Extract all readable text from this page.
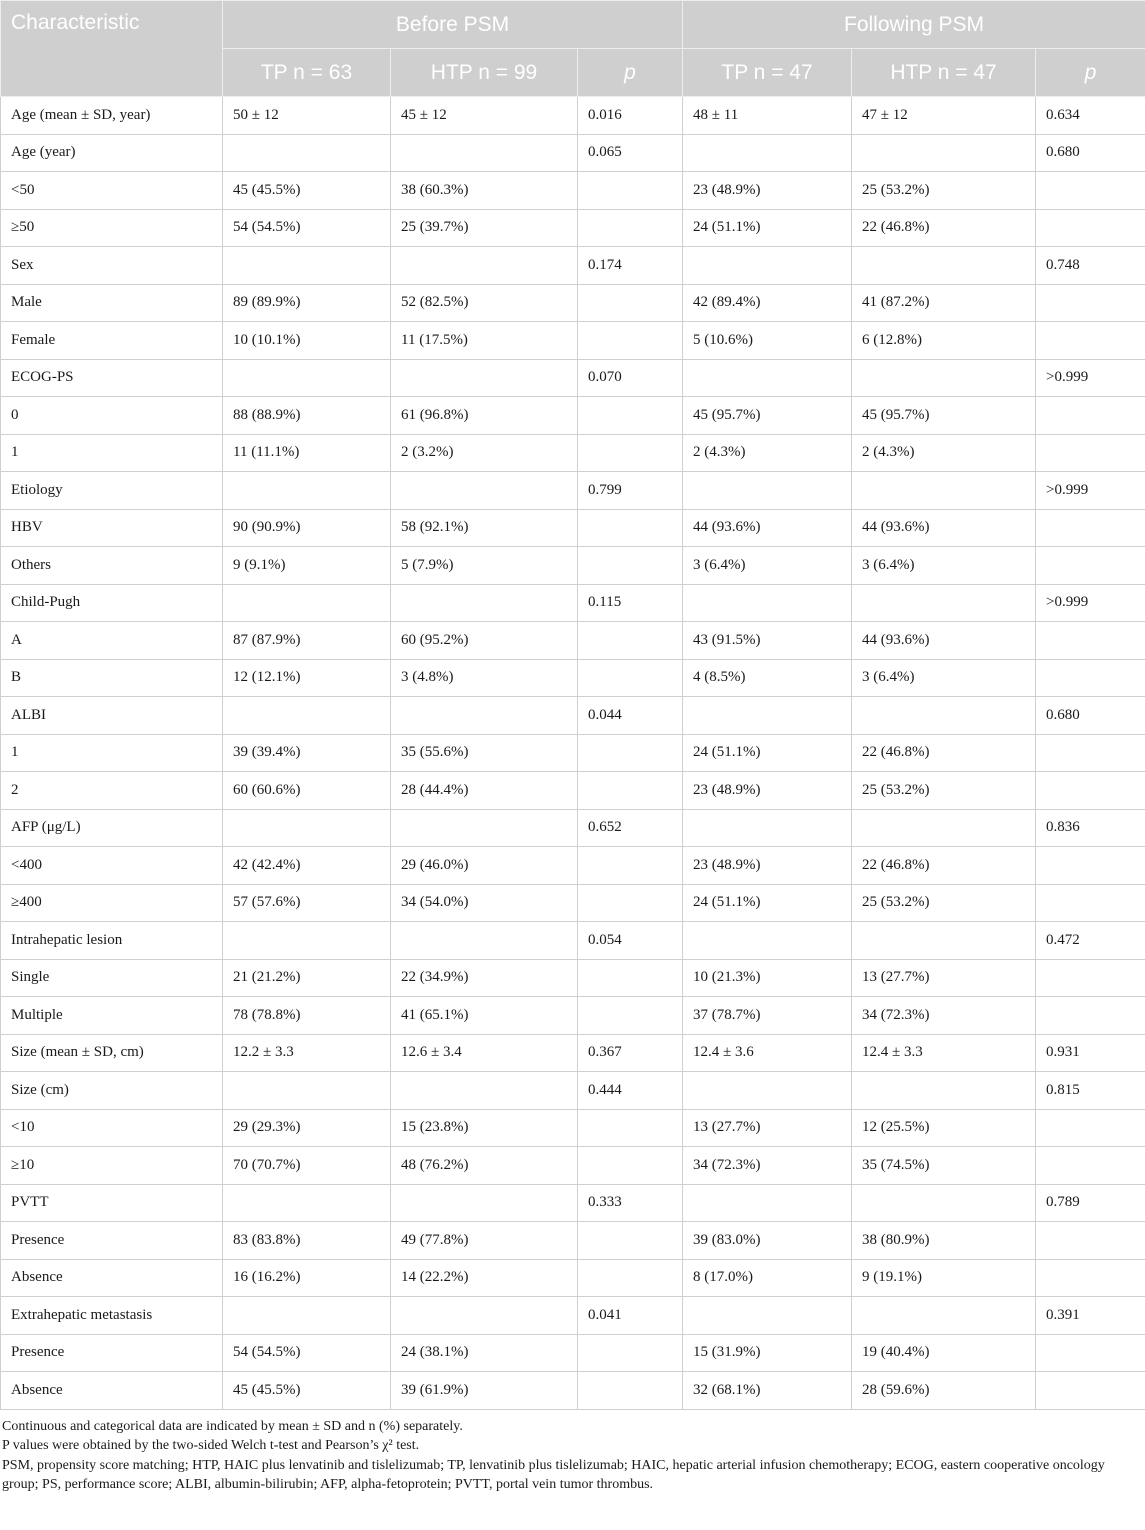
Characteristic	Before PSM			Following PSM		
	TP n = 63	HTP n = 99	p	TP n = 47	HTP n = 47	p
Age (mean ± SD, year)	50 ± 12	45 ± 12	0.016	48 ± 11	47 ± 12	0.634
Age (year)			0.065			0.680
<50	45 (45.5%)	38 (60.3%)		23 (48.9%)	25 (53.2%)	
≥50	54 (54.5%)	25 (39.7%)		24 (51.1%)	22 (46.8%)	
Sex			0.174			0.748
Male	89 (89.9%)	52 (82.5%)		42 (89.4%)	41 (87.2%)	
Female	10 (10.1%)	11 (17.5%)		5 (10.6%)	6 (12.8%)	
ECOG-PS			0.070			>0.999
0	88 (88.9%)	61 (96.8%)		45 (95.7%)	45 (95.7%)	
1	11 (11.1%)	2 (3.2%)		2 (4.3%)	2 (4.3%)	
Etiology			0.799			>0.999
HBV	90 (90.9%)	58 (92.1%)		44 (93.6%)	44 (93.6%)	
Others	9 (9.1%)	5 (7.9%)		3 (6.4%)	3 (6.4%)	
Child-Pugh			0.115			>0.999
A	87 (87.9%)	60 (95.2%)		43 (91.5%)	44 (93.6%)	
B	12 (12.1%)	3 (4.8%)		4 (8.5%)	3 (6.4%)	
ALBI			0.044			0.680
1	39 (39.4%)	35 (55.6%)		24 (51.1%)	22 (46.8%)	
2	60 (60.6%)	28 (44.4%)		23 (48.9%)	25 (53.2%)	
AFP (μg/L)			0.652			0.836
<400	42 (42.4%)	29 (46.0%)		23 (48.9%)	22 (46.8%)	
≥400	57 (57.6%)	34 (54.0%)		24 (51.1%)	25 (53.2%)	
Intrahepatic lesion			0.054			0.472
Single	21 (21.2%)	22 (34.9%)		10 (21.3%)	13 (27.7%)	
Multiple	78 (78.8%)	41 (65.1%)		37 (78.7%)	34 (72.3%)	
Size (mean ± SD, cm)	12.2 ± 3.3	12.6 ± 3.4	0.367	12.4 ± 3.6	12.4 ± 3.3	0.931
Size (cm)			0.444			0.815
<10	29 (29.3%)	15 (23.8%)		13 (27.7%)	12 (25.5%)	
≥10	70 (70.7%)	48 (76.2%)		34 (72.3%)	35 (74.5%)	
PVTT			0.333			0.789
Presence	83 (83.8%)	49 (77.8%)		39 (83.0%)	38 (80.9%)	
Absence	16 (16.2%)	14 (22.2%)		8 (17.0%)	9 (19.1%)	
Extrahepatic metastasis			0.041			0.391
Presence	54 (54.5%)	24 (38.1%)		15 (31.9%)	19 (40.4%)	
Absence	45 (45.5%)	39 (61.9%)		32 (68.1%)	28 (59.6%)	

Continuous and categorical data are indicated by mean ± SD and n (%) separately.

P values were obtained by the two-sided Welch t-test and Pearson’s χ² test.

PSM, propensity score matching; HTP, HAIC plus lenvatinib and tislelizumab; TP, lenvatinib plus tislelizumab; HAIC, hepatic arterial infusion chemotherapy; ECOG, eastern cooperative oncology group; PS, performance score; ALBI, albumin-bilirubin; AFP, alpha-fetoprotein; PVTT, portal vein tumor thrombus.
